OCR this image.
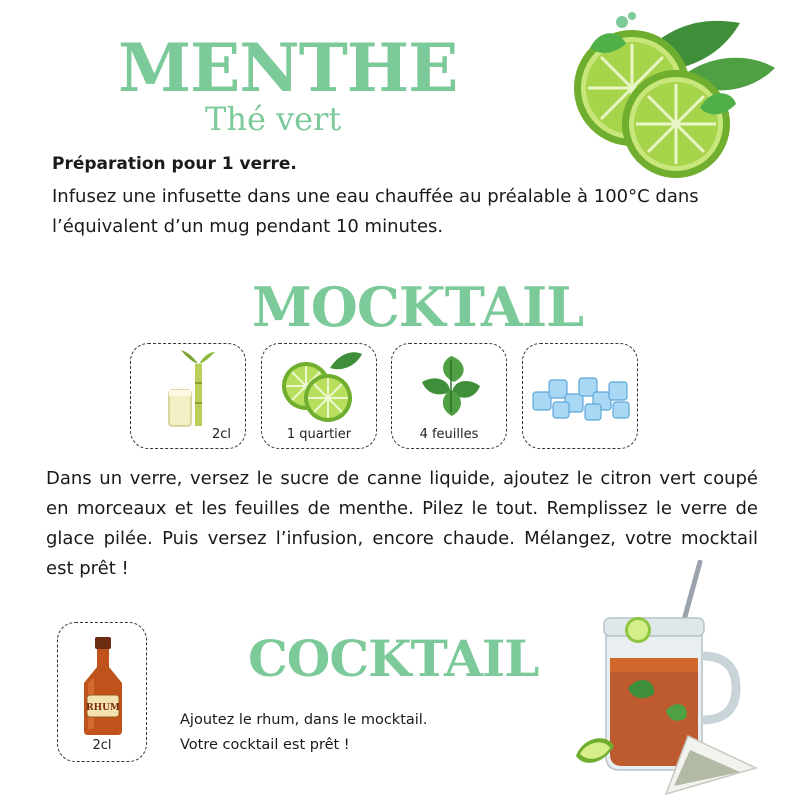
MENTHE
Thé vert
Préparation pour 1 verre.
Infusez une infusette dans une eau chauffée au préalable à 100°C dans l’équivalent d’un mug pendant 10 minutes.
MOCKTAIL
2cl	1 quartier	4 feuilles
Dans un verre, versez le sucre de canne liquide, ajoutez le citron vert coupé en morceaux et les feuilles de menthe. Pilez le tout. Remplissez le verre de glace pilée. Puis versez l’infusion, encore chaude. Mélangez, votre mocktail est prêt !
RHUM
2cl
COCKTAIL
Ajoutez le rhum, dans le mocktail.
Votre cocktail est prêt !
